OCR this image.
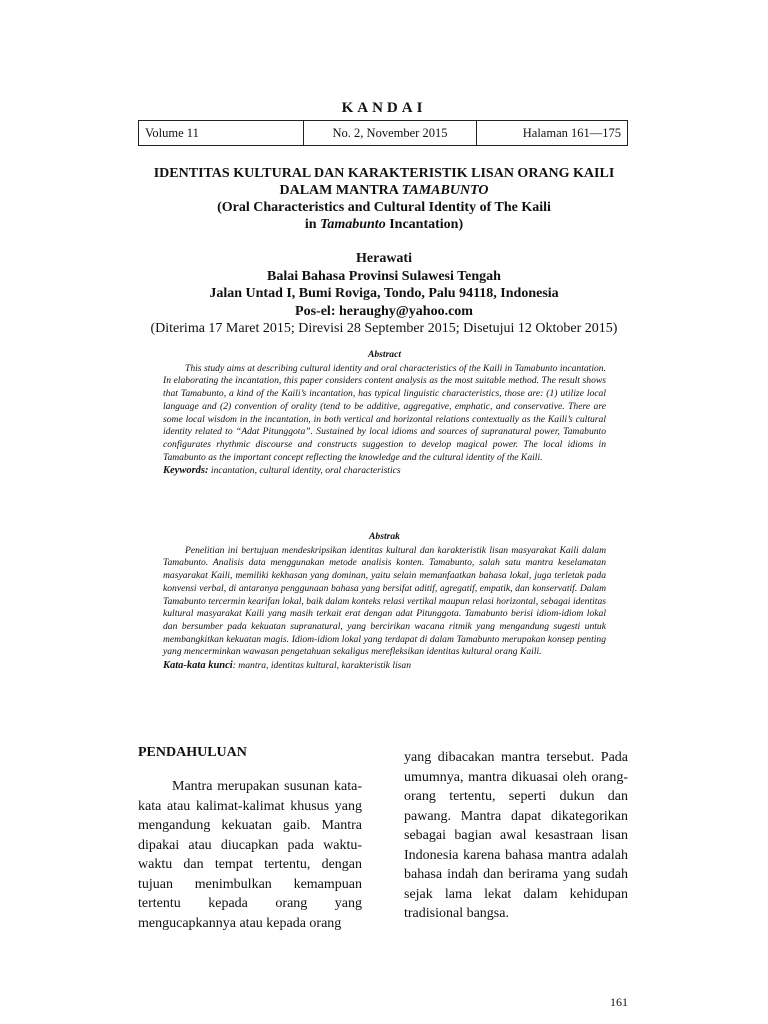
KANDAI
Volume 11	No. 2, November 2015	Halaman 161—175
IDENTITAS KULTURAL DAN KARAKTERISTIK LISAN ORANG KAILI
DALAM MANTRA TAMABUNTO
(Oral Characteristics and Cultural Identity of The Kaili
in Tamabunto Incantation)
Herawati
Balai Bahasa Provinsi Sulawesi Tengah
Jalan Untad I, Bumi Roviga, Tondo, Palu 94118, Indonesia
Pos-el: heraughy@yahoo.com
(Diterima 17 Maret 2015; Direvisi 28 September 2015; Disetujui 12 Oktober 2015)
Abstract
This study aims at describing cultural identity and oral characteristics of the Kaili in Tamabunto incantation. In elaborating the incantation, this paper considers content analysis as the most suitable method. The result shows that Tamabunto, a kind of the Kaili’s incantation, has typical linguistic characteristics, those are: (1) utilize local language and (2) convention of orality (tend to be additive, aggregative, emphatic, and conservative. There are some local wisdom in the incantation, in both vertical and horizontal relations contextually as the Kaili’s cultural identity related to “Adat Pitunggota”. Sustained by local idioms and sources of supranatural power, Tamabunto configurates rhythmic discourse and constructs suggestion to develop magical power. The local idioms in Tamabunto as the important concept reflecting the knowledge and the cultural identity of the Kaili.
Keywords: incantation, cultural identity, oral characteristics
Abstrak
Penelitian ini bertujuan mendeskripsikan identitas kultural dan karakteristik lisan masyarakat Kaili dalam Tamabunto. Analisis data menggunakan metode analisis konten. Tamabunto, salah satu mantra keselamatan masyarakat Kaili, memiliki kekhasan yang dominan, yaitu selain memanfaatkan bahasa lokal, juga terletak pada konvensi verbal, di antaranya penggunaan bahasa yang bersifat aditif, agregatif, empatik, dan konservatif. Dalam Tamabunto tercermin kearifan lokal, baik dalam konteks relasi vertikal maupun relasi horizontal, sebagai identitas kultural masyarakat Kaili yang masih terkait erat dengan adat Pitunggota. Tamabunto berisi idiom-idiom lokal dan bersumber pada kekuatan supranatural, yang bercirikan wacana ritmik yang mengandung sugesti untuk membangkitkan kekuatan magis. Idiom-idiom lokal yang terdapat di dalam Tamabunto merupakan konsep penting yang mencerminkan wawasan pengetahuan sekaligus merefleksikan identitas kultural orang Kaili.
Kata-kata kunci: mantra, identitas kultural, karakteristik lisan
PENDAHULUAN
Mantra merupakan susunan kata-kata atau kalimat-kalimat khusus yang mengandung kekuatan gaib. Mantra dipakai atau diucapkan pada waktu-waktu dan tempat tertentu, dengan tujuan menimbulkan kemampuan tertentu kepada orang yang mengucapkannya atau kepada orang
yang dibacakan mantra tersebut. Pada umumnya, mantra dikuasai oleh orang-orang tertentu, seperti dukun dan pawang. Mantra dapat dikategorikan sebagai bagian awal kesastraan lisan Indonesia karena bahasa mantra adalah bahasa indah dan berirama yang sudah sejak lama lekat dalam kehidupan tradisional bangsa.
161
